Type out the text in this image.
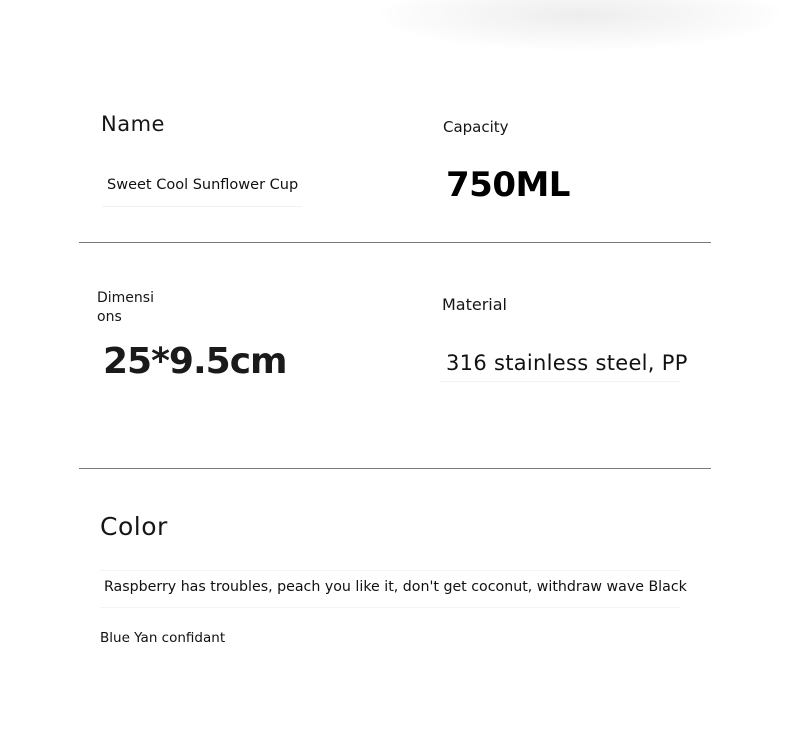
Name

Sweet Cool Sunflower Cup

Capacity

750ML

Dimensions

25*9.5cm

Material

316 stainless steel, PP

Color

Raspberry has troubles, peach you like it, don't get coconut, withdraw wave Black

Blue Yan confidant
